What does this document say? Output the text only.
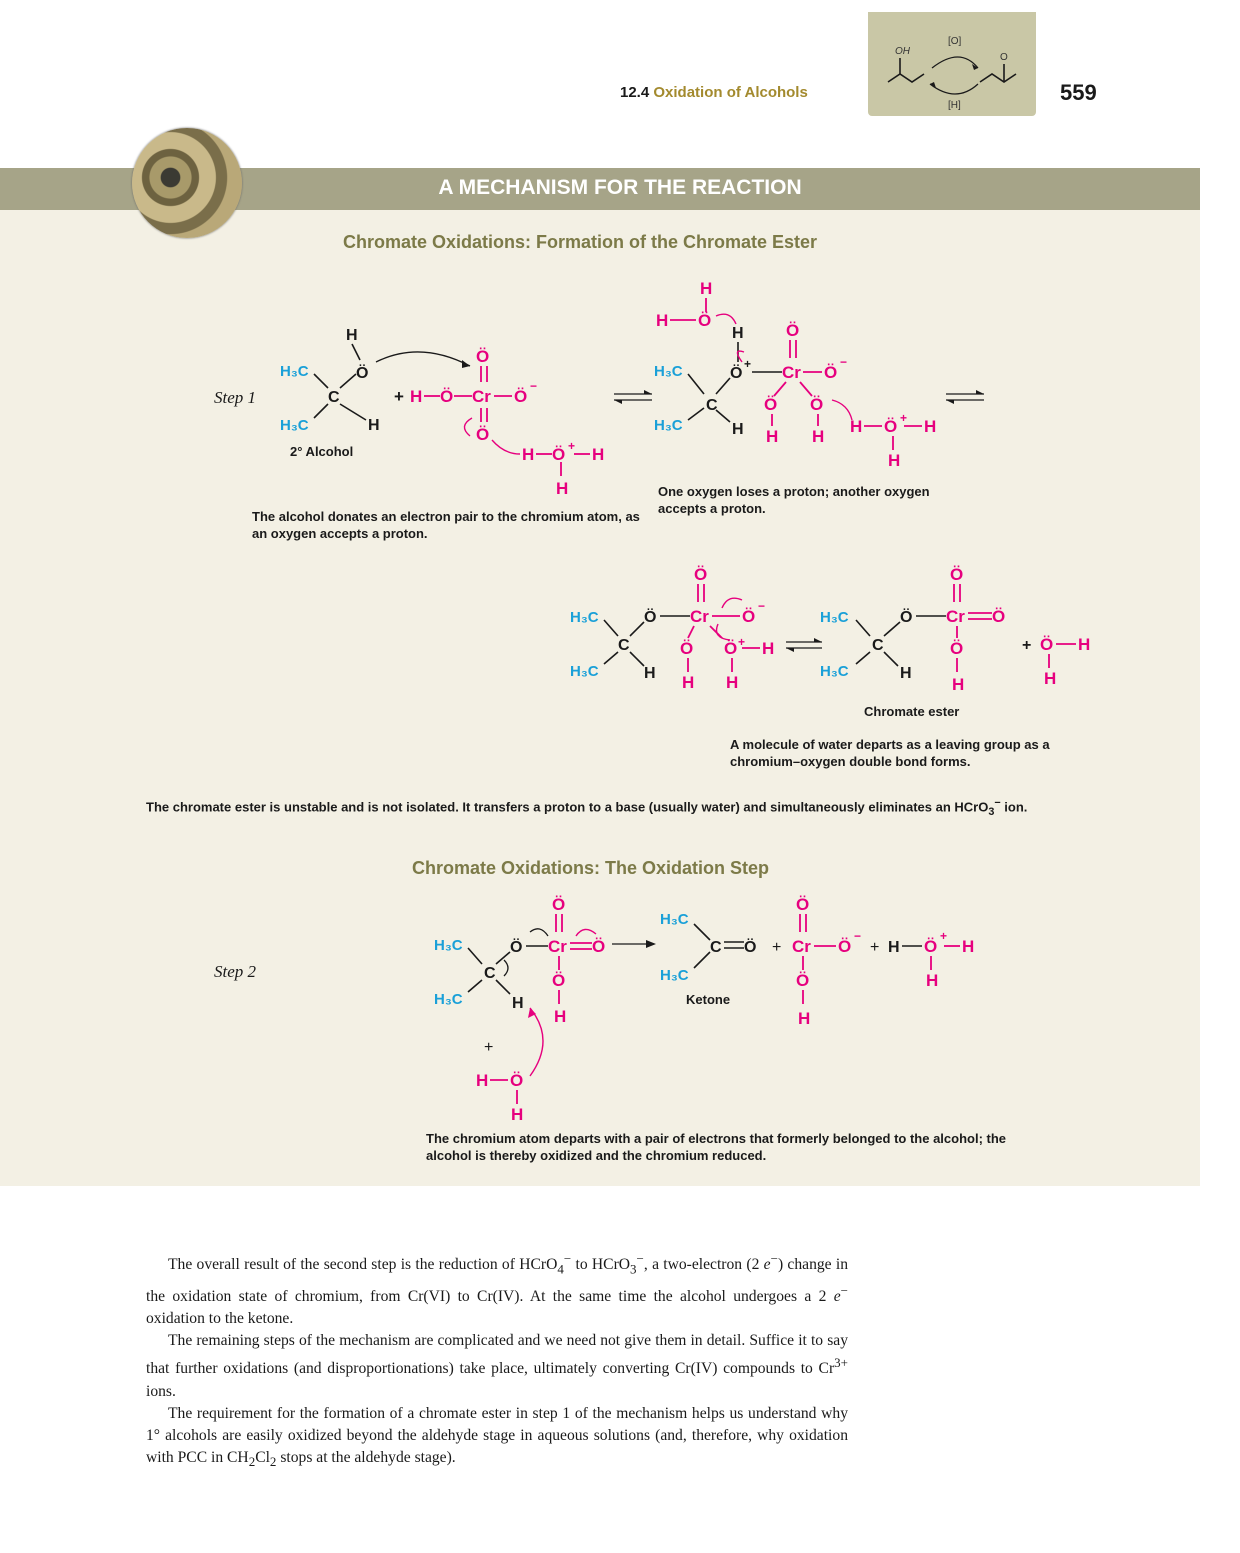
12.4 Oxidation of Alcohols
OH
O
[O]
[H]
559
A MECHANISM FOR THE REACTION
Chromate Oxidations: Formation of the Chromate Ester
Step 1
Step 2
H₃C
H₃C
C
H
Ö
H
2° Alcohol
+ H Ö Cr Ö
−
Ö
Ö
H Ö + H
H
H
H Ö
H₃C
H₃C
C
H
H
Ö
+ Cr Ö
−
Ö
Ö Ö
H H
H Ö + H
H
H₃C
H₃C
C
H
Ö Cr
Ö
Ö
−
Ö Ö + H
H H
H₃C
H₃C
C
H
Ö Cr
Ö
Ö
Ö
H
Chromate ester
+ Ö H
H
The alcohol donates an electron pair to the chromium atom, as an oxygen accepts a proton.
One oxygen loses a proton; another oxygen accepts a proton.
A molecule of water departs as a leaving group as a chromium–oxygen double bond forms.
The chromate ester is unstable and is not isolated. It transfers a proton to a base (usually water) and simultaneously eliminates an HCrO$_3$− ion.
Chromate Oxidations: The Oxidation Step
H₃C
H₃C
C
H
Ö Cr
Ö
Ö
Ö
H
+
H Ö
H
H₃C
H₃C
C Ö
Ketone
+ Cr
Ö
Ö
−
Ö
H
+ H Ö
+
H
H
The chromium atom departs with a pair of electrons that formerly belonged to the alcohol; the alcohol is thereby oxidized and the chromium reduced.

The overall result of the second step is the reduction of HCrO$_4$− to HCrO$_3$−, a two-electron (2 e−) change in the oxidation state of chromium, from Cr(VI) to Cr(IV). At the same time the alcohol undergoes a 2 e− oxidation to the ketone.

The remaining steps of the mechanism are complicated and we need not give them in detail. Suffice it to say that further oxidations (and disproportionations) take place, ultimately converting Cr(IV) compounds to $Cr^{3+}$ ions.

The requirement for the formation of a chromate ester in step 1 of the mechanism helps us understand why 1° alcohols are easily oxidized beyond the aldehyde stage in aqueous solutions (and, therefore, why oxidation with PCC in $CH_2Cl_2$ stops at the aldehyde stage).
